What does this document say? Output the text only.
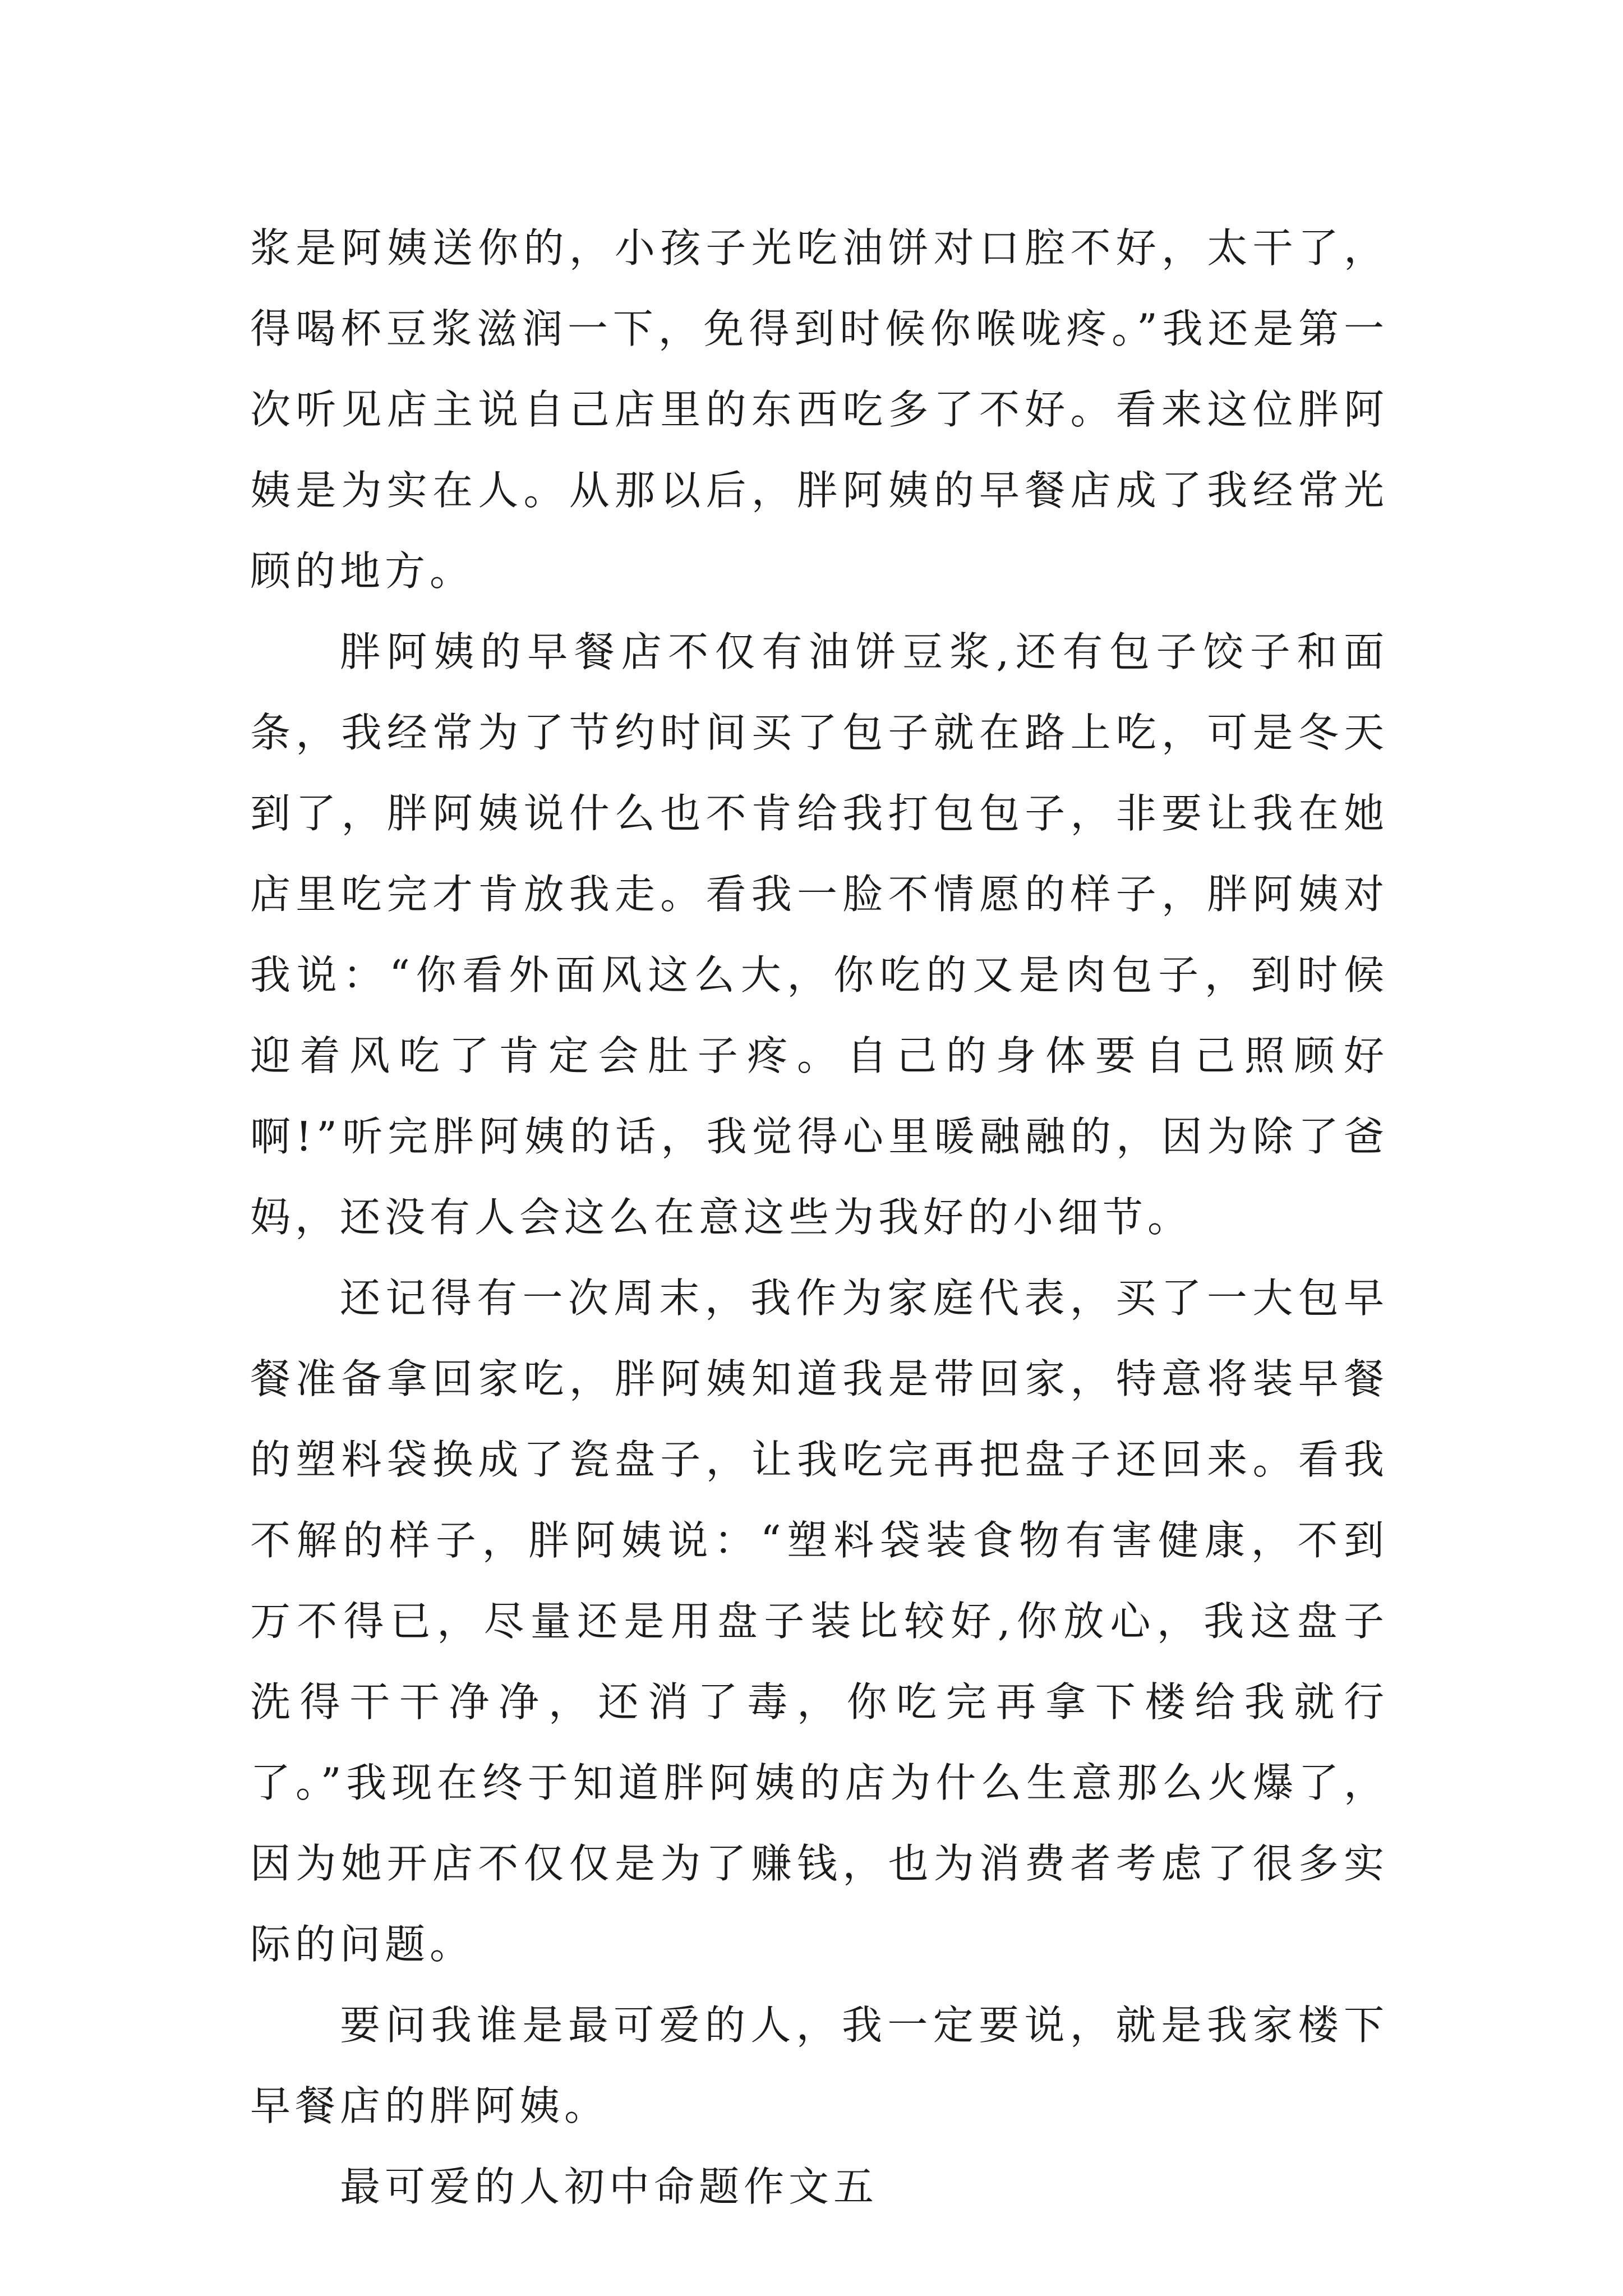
浆是阿姨送你的，小孩子光吃油饼对口腔不好，太干了，得喝杯豆浆滋润一下，免得到时候你喉咙疼。”我还是第一次听见店主说自己店里的东西吃多了不好。看来这位胖阿姨是为实在人。从那以后，胖阿姨的早餐店成了我经常光顾的地方。

胖阿姨的早餐店不仅有油饼豆浆,还有包子饺子和面条，我经常为了节约时间买了包子就在路上吃，可是冬天到了，胖阿姨说什么也不肯给我打包包子，非要让我在她店里吃完才肯放我走。看我一脸不情愿的样子，胖阿姨对我说：“你看外面风这么大，你吃的又是肉包子，到时候迎着风吃了肯定会肚子疼。自己的身体要自己照顾好啊!”听完胖阿姨的话，我觉得心里暖融融的，因为除了爸妈，还没有人会这么在意这些为我好的小细节。

还记得有一次周末，我作为家庭代表，买了一大包早餐准备拿回家吃，胖阿姨知道我是带回家，特意将装早餐的塑料袋换成了瓷盘子，让我吃完再把盘子还回来。看我不解的样子，胖阿姨说：“塑料袋装食物有害健康，不到万不得已，尽量还是用盘子装比较好,你放心，我这盘子洗得干干净净，还消了毒，你吃完再拿下楼给我就行了。”我现在终于知道胖阿姨的店为什么生意那么火爆了，因为她开店不仅仅是为了赚钱，也为消费者考虑了很多实际的问题。

要问我谁是最可爱的人，我一定要说，就是我家楼下早餐店的胖阿姨。

最可爱的人初中命题作文五
